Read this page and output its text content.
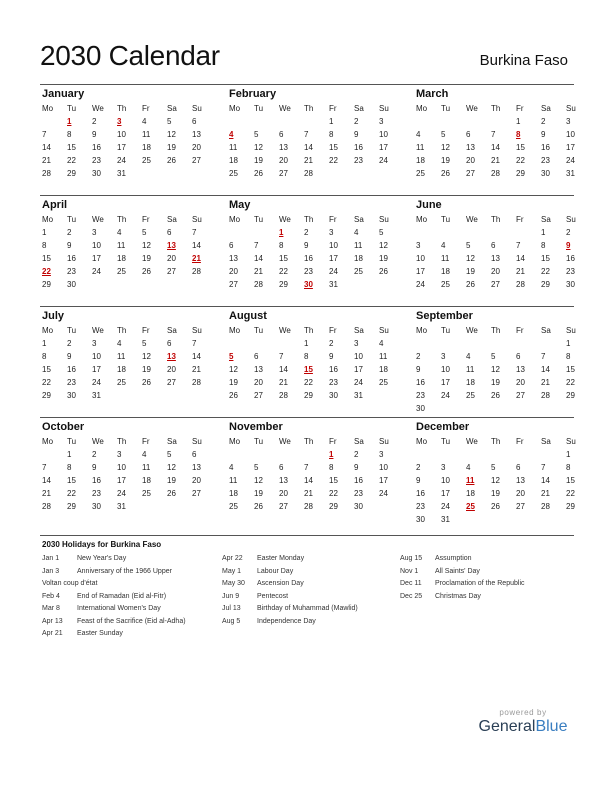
2030 Calendar	Burkina Faso
January
Mo	Tu	We	Th	Fr	Sa	Su
	1	2	3	4	5	6
7	8	9	10	11	12	13
14	15	16	17	18	19	20
21	22	23	24	25	26	27
28	29	30	31			
February
Mo	Tu	We	Th	Fr	Sa	Su
				1	2	3
4	5	6	7	8	9	10
11	12	13	14	15	16	17
18	19	20	21	22	23	24
25	26	27	28			
March
Mo	Tu	We	Th	Fr	Sa	Su
				1	2	3
4	5	6	7	8	9	10
11	12	13	14	15	16	17
18	19	20	21	22	23	24
25	26	27	28	29	30	31
April
Mo	Tu	We	Th	Fr	Sa	Su
1	2	3	4	5	6	7
8	9	10	11	12	13	14
15	16	17	18	19	20	21
22	23	24	25	26	27	28
29	30					
May
Mo	Tu	We	Th	Fr	Sa	Su
		1	2	3	4	5
6	7	8	9	10	11	12
13	14	15	16	17	18	19
20	21	22	23	24	25	26
27	28	29	30	31		
June
Mo	Tu	We	Th	Fr	Sa	Su
					1	2
3	4	5	6	7	8	9
10	11	12	13	14	15	16
17	18	19	20	21	22	23
24	25	26	27	28	29	30
July
Mo	Tu	We	Th	Fr	Sa	Su
1	2	3	4	5	6	7
8	9	10	11	12	13	14
15	16	17	18	19	20	21
22	23	24	25	26	27	28
29	30	31				
August
Mo	Tu	We	Th	Fr	Sa	Su
			1	2	3	4
5	6	7	8	9	10	11
12	13	14	15	16	17	18
19	20	21	22	23	24	25
26	27	28	29	30	31	
September
Mo	Tu	We	Th	Fr	Sa	Su
						1
2	3	4	5	6	7	8
9	10	11	12	13	14	15
16	17	18	19	20	21	22
23	24	25	26	27	28	29
30						
October
Mo	Tu	We	Th	Fr	Sa	Su
	1	2	3	4	5	6
7	8	9	10	11	12	13
14	15	16	17	18	19	20
21	22	23	24	25	26	27
28	29	30	31			
November
Mo	Tu	We	Th	Fr	Sa	Su
				1	2	3
4	5	6	7	8	9	10
11	12	13	14	15	16	17
18	19	20	21	22	23	24
25	26	27	28	29	30	
December
Mo	Tu	We	Th	Fr	Sa	Su
						1
2	3	4	5	6	7	8
9	10	11	12	13	14	15
16	17	18	19	20	21	22
23	24	25	26	27	28	29
30	31					
2030 Holidays for Burkina Faso
Jan 1	New Year's Day
Jan 3	Anniversary of the 1966 Upper
Voltan coup d'état
Feb 4 End of Ramadan (Eid al-Fitr)
Mar 8 International Women's Day
Apr 13 Feast of the Sacrifice (Eid al-Adha)
Apr 21 Easter Sunday
Apr 22 Easter Monday
May 1 Labour Day
May 30 Ascension Day
Jun 9	Pentecost
Jul 13 Birthday of Muhammad (Mawlid)
Aug 5 Independence Day
Aug 15 Assumption
Nov 1 All Saints' Day
Dec 11 Proclamation of the Republic
Dec 25 Christmas Day
powered by
GeneralBlue
